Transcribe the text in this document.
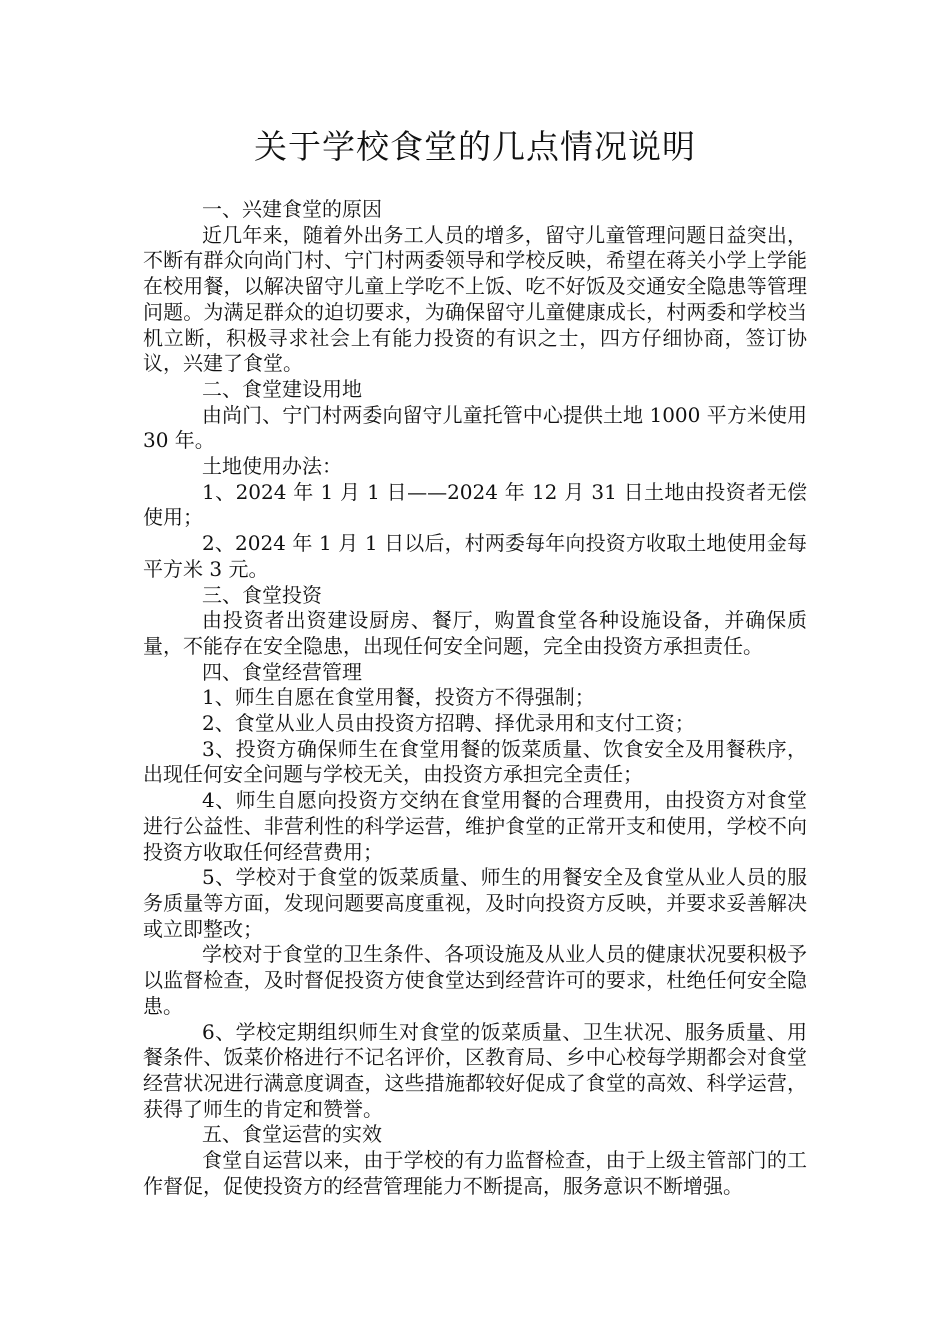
关于学校食堂的几点情况说明

一、兴建食堂的原因

近几年来，随着外出务工人员的增多，留守儿童管理问题日益突出，不断有群众向尚门村、宁门村两委领导和学校反映，希望在蒋关小学上学能在校用餐，以解决留守儿童上学吃不上饭、吃不好饭及交通安全隐患等管理问题。为满足群众的迫切要求，为确保留守儿童健康成长，村两委和学校当机立断，积极寻求社会上有能力投资的有识之士，四方仔细协商，签订协议，兴建了食堂。

二、食堂建设用地

由尚门、宁门村两委向留守儿童托管中心提供土地 1000 平方米使用 30 年。

土地使用办法：

1、2024 年 1 月 1 日——2024 年 12 月 31 日土地由投资者无偿使用；

2、2024 年 1 月 1 日以后，村两委每年向投资方收取土地使用金每平方米 3 元。

三、食堂投资

由投资者出资建设厨房、餐厅，购置食堂各种设施设备，并确保质量，不能存在安全隐患，出现任何安全问题，完全由投资方承担责任。

四、食堂经营管理

1、师生自愿在食堂用餐，投资方不得强制；

2、食堂从业人员由投资方招聘、择优录用和支付工资；

3、投资方确保师生在食堂用餐的饭菜质量、饮食安全及用餐秩序，出现任何安全问题与学校无关，由投资方承担完全责任；

4、师生自愿向投资方交纳在食堂用餐的合理费用，由投资方对食堂进行公益性、非营利性的科学运营，维护食堂的正常开支和使用，学校不向投资方收取任何经营费用；

5、学校对于食堂的饭菜质量、师生的用餐安全及食堂从业人员的服务质量等方面，发现问题要高度重视，及时向投资方反映，并要求妥善解决或立即整改；

学校对于食堂的卫生条件、各项设施及从业人员的健康状况要积极予以监督检查，及时督促投资方使食堂达到经营许可的要求，杜绝任何安全隐患。

6、学校定期组织师生对食堂的饭菜质量、卫生状况、服务质量、用餐条件、饭菜价格进行不记名评价，区教育局、乡中心校每学期都会对食堂经营状况进行满意度调查，这些措施都较好促成了食堂的高效、科学运营，获得了师生的肯定和赞誉。

五、食堂运营的实效

食堂自运营以来，由于学校的有力监督检查，由于上级主管部门的工作督促，促使投资方的经营管理能力不断提高，服务意识不断增强。
